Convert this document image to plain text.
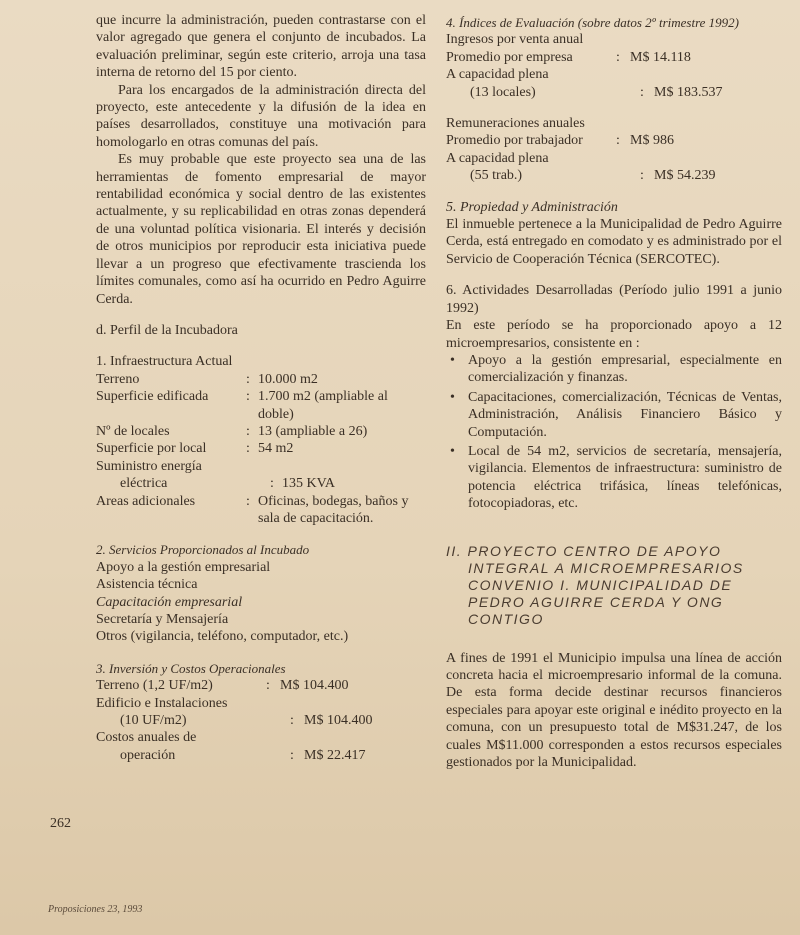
que incurre la administración, pueden contrastarse con el valor agregado que genera el conjunto de incubados. La evaluación preliminar, según este criterio, arroja una tasa interna de retorno del 15 por ciento.

Para los encargados de la administración directa del proyecto, este antecedente y la difusión de la idea en países desarrollados, constituye una motivación para homologarlo en otras comunas del país.

Es muy probable que este proyecto sea una de las herramientas de fomento empresarial de mayor rentabilidad económica y social dentro de las existentes actualmente, y su replicabilidad en otras zonas dependerá de una voluntad política visionaria. El interés y decisión de otros municipios por reproducir esta iniciativa puede llevar a un progreso que efectivamente trascienda los límites comunales, como así ha ocurrido en Pedro Aguirre Cerda.

d. Perfil de la Incubadora

1. Infraestructura Actual

Terreno	: 10.000 m2
Superficie edificada	: 1.700 m2 (ampliable al doble)
Nº de locales	: 13 (ampliable a 26)
Superficie por local	: 54 m2
Suministro energía
eléctrica	: 135 KVA
Areas adicionales	: Oficinas, bodegas, baños y sala de capacitación.

2. Servicios Proporcionados al Incubado

Apoyo a la gestión empresarial

Asistencia técnica

Capacitación empresarial

Secretaría y Mensajería

Otros (vigilancia, teléfono, computador, etc.)

3. Inversión y Costos Operacionales

Terreno (1,2 UF/m2)	: M$ 104.400
Edificio e Instalaciones
(10 UF/m2)	: M$ 104.400
Costos anuales de
operación	: M$ 22.417
262

4. Índices de Evaluación (sobre datos 2º trimestre 1992)

Ingresos por venta anual

Promedio por empresa	: M$ 14.118
A capacidad plena
(13 locales)	: M$ 183.537

Remuneraciones anuales

Promedio por trabajador	: M$ 986
A capacidad plena
(55 trab.)	: M$ 54.239

5. Propiedad y Administración

El inmueble pertenece a la Municipalidad de Pedro Aguirre Cerda, está entregado en comodato y es administrado por el Servicio de Cooperación Técnica (SERCOTEC).

6. Actividades Desarrolladas (Período julio 1991 a junio 1992)

En este período se ha proporcionado apoyo a 12 microempresarios, consistente en :

• Apoyo a la gestión empresarial, especialmente en comercialización y finanzas.
• Capacitaciones, comercialización, Técnicas de Ventas, Administración, Análisis Financiero Básico y Computación.
• Local de 54 m2, servicios de secretaría, mensajería, vigilancia. Elementos de infraestructura: suministro de potencia eléctrica trifásica, líneas telefónicas, fotocopiadoras, etc.
II. PROYECTO CENTRO DE APOYO
INTEGRAL A MICROEMPRESARIOS
CONVENIO I. MUNICIPALIDAD DE
PEDRO AGUIRRE CERDA Y ONG
CONTIGO

A fines de 1991 el Municipio impulsa una línea de acción concreta hacia el microempresario informal de la comuna. De esta forma decide destinar recursos financieros especiales para apoyar este original e inédito proyecto en la comuna, con un presupuesto total de M$31.247, de los cuales M$11.000 corresponden a estos recursos especiales gestionados por la Municipalidad.

Proposiciones 23, 1993
